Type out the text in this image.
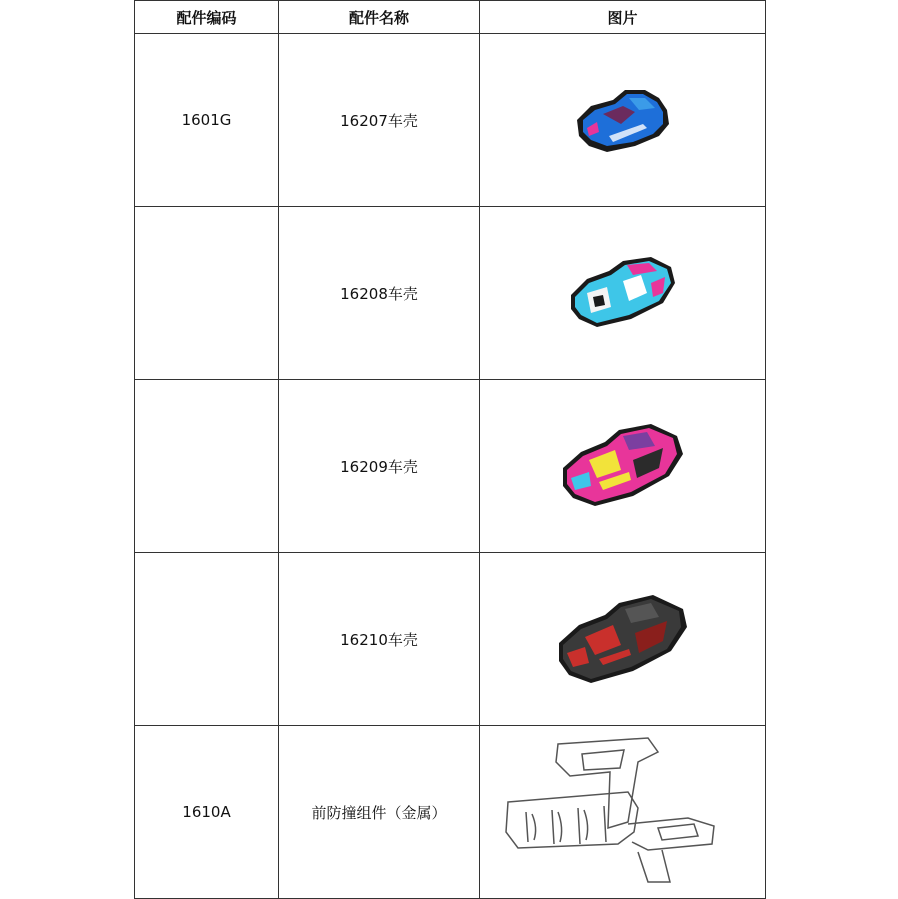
配件编码	配件名称	图片
1601G	16207车壳	

	16208车壳	

	16209车壳	

	16210车壳	

1610A	前防撞组件（金属）	
